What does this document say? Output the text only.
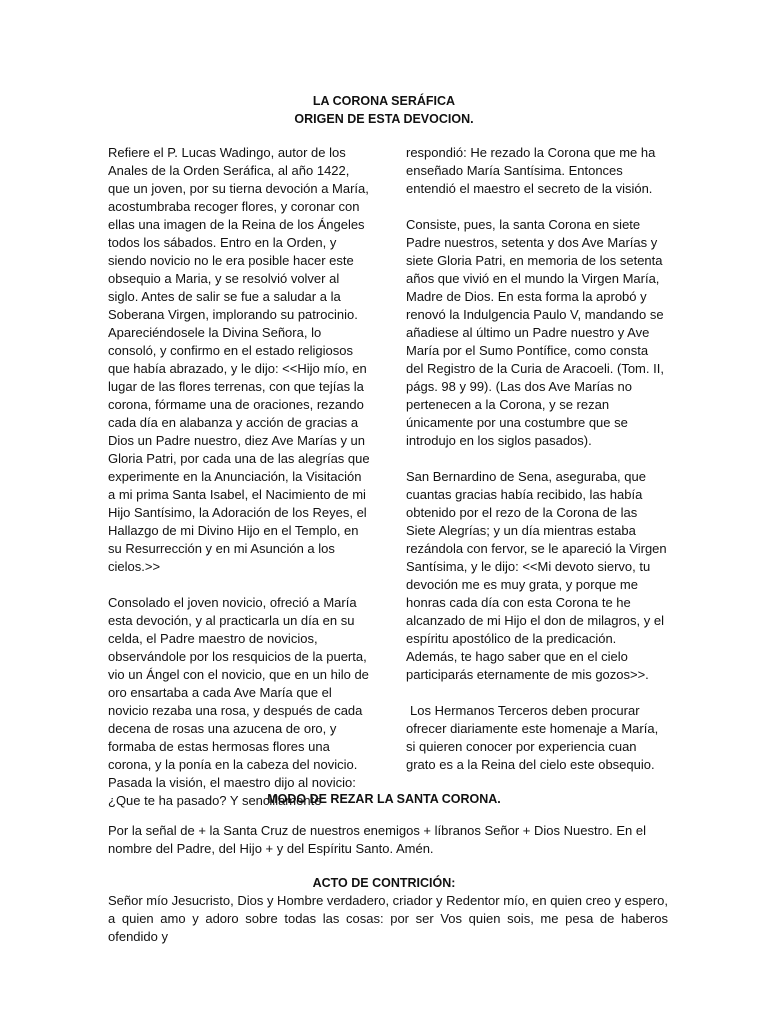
LA CORONA SERÁFICA
ORIGEN DE ESTA DEVOCION.

Refiere el P. Lucas Wadingo, autor de los Anales de la Orden Seráfica, al año 1422, que un joven, por su tierna devoción a María, acostumbraba recoger flores, y coronar con ellas una imagen de la Reina de los Ángeles todos los sábados. Entro en la Orden, y siendo novicio no le era posible hacer este obsequio a Maria, y se resolvió volver al siglo. Antes de salir se fue a saludar a la Soberana Virgen, implorando su patrocinio. Apareciéndosele la Divina Señora, lo consoló, y confirmo en el estado religiosos que había abrazado, y le dijo: <<Hijo mío, en lugar de las flores terrenas, con que tejías la corona, fórmame una de oraciones, rezando cada día en alabanza y acción de gracias a Dios un Padre nuestro, diez Ave Marías y un Gloria Patri, por cada una de las alegrías que experimente en la Anunciación, la Visitación a mi prima Santa Isabel, el Nacimiento de mi Hijo Santísimo, la Adoración de los Reyes, el Hallazgo de mi Divino Hijo en el Templo, en su Resurrección y en mi Asunción a los cielos.>>

Consolado el joven novicio, ofreció a María esta devoción, y al practicarla un día en su celda, el Padre maestro de novicios, observándole por los resquicios de la puerta, vio un Ángel con el novicio, que en un hilo de oro ensartaba a cada Ave María que el novicio rezaba una rosa, y después de cada decena de rosas una azucena de oro, y formaba de estas hermosas flores una corona, y la ponía en la cabeza del novicio. Pasada la visión, el maestro dijo al novicio: ¿Que te ha pasado? Y sencillamente

respondió: He rezado la Corona que me ha enseñado María Santísima. Entonces entendió el maestro el secreto de la visión.

Consiste, pues, la santa Corona en siete Padre nuestros, setenta y dos Ave Marías y siete Gloria Patri, en memoria de los setenta años que vivió en el mundo la Virgen María, Madre de Dios. En esta forma la aprobó y renovó la Indulgencia Paulo V, mandando se añadiese al último un Padre nuestro y Ave María por el Sumo Pontífice, como consta del Registro de la Curia de Aracoeli. (Tom. II, págs. 98 y 99). (Las dos Ave Marías no pertenecen a la Corona, y se rezan únicamente por una costumbre que se introdujo en los siglos pasados).

San Bernardino de Sena, aseguraba, que cuantas gracias había recibido, las había obtenido por el rezo de la Corona de las Siete Alegrías; y un día mientras estaba rezándola con fervor, se le apareció la Virgen Santísima, y le dijo: <<Mi devoto siervo, tu devoción me es muy grata, y porque me honras cada día con esta Corona te he alcanzado de mi Hijo el don de milagros, y el espíritu apostólico de la predicación. Además, te hago saber que en el cielo participarás eternamente de mis gozos>>.

Los Hermanos Terceros deben procurar ofrecer diariamente este homenaje a María, si quieren conocer por experiencia cuan grato es a la Reina del cielo este obsequio.

MODO DE REZAR LA SANTA CORONA.

Por la señal de + la Santa Cruz de nuestros enemigos + líbranos Señor + Dios Nuestro. En el nombre del Padre, del Hijo + y del Espíritu Santo. Amén.

ACTO DE CONTRICIÓN:

Señor mío Jesucristo, Dios y Hombre verdadero, criador y Redentor mío, en quien creo y espero, a quien amo y adoro sobre todas las cosas: por ser Vos quien sois, me pesa de haberos ofendido y
